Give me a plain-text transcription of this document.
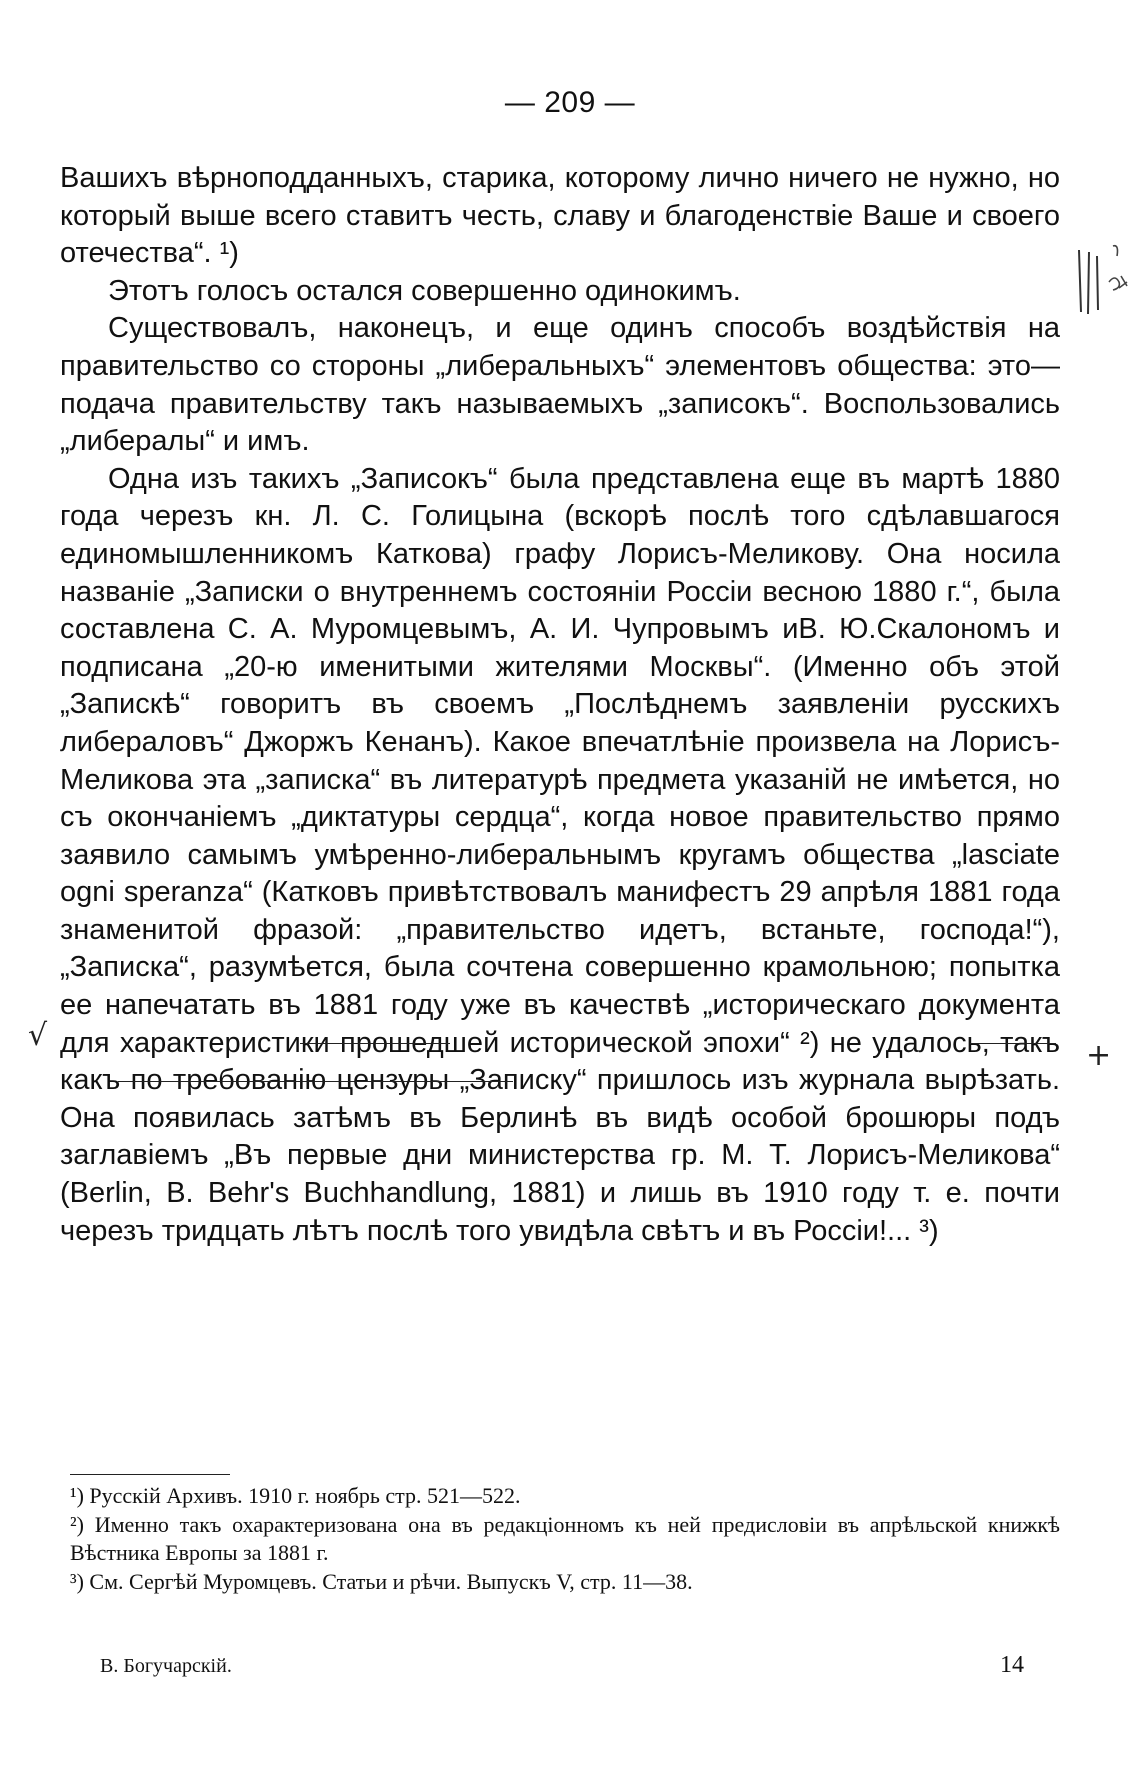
— 209 —

Вашихъ вѣрноподданныхъ, старика, которому лично ничего не нужно, но который выше всего ставитъ честь, славу и благоденствіе Ваше и своего отечества“. ¹)

Этотъ голосъ остался совершенно одинокимъ.

Существовалъ, наконецъ, и еще одинъ способъ воздѣйствія на правительство со стороны „либеральныхъ“ элементовъ общества: это—подача правительству такъ называемыхъ „записокъ“. Воспользовались „либералы“ и имъ.

Одна изъ такихъ „Записокъ“ была представлена еще въ мартѣ 1880 года черезъ кн. Л. С. Голицына (вскорѣ послѣ того сдѣлавшагося единомышленникомъ Каткова) графу Лорисъ-Меликову. Она носила названіе „Записки о внутреннемъ состояніи Россіи весною 1880 г.“, была составлена С. А. Муромцевымъ, А. И. Чупровымъ иВ. Ю.Скалономъ и подписана „20-ю именитыми жителями Москвы“. (Именно объ этой „Запискѣ“ говоритъ въ своемъ „Послѣднемъ заявленіи русскихъ либераловъ“ Джоржъ Кенанъ). Какое впечатлѣніе произвела на Лорисъ-Меликова эта „записка“ въ литературѣ предмета указаній не имѣется, но съ окончаніемъ „диктатуры сердца“, когда новое правительство прямо заявило самымъ умѣренно-либеральнымъ кругамъ общества „lasciate ogni speranza“ (Катковъ привѣтствовалъ манифестъ 29 апрѣля 1881 года знаменитой фразой: „правительство идетъ, встаньте, господа!“), „Записка“, разумѣется, была сочтена совершенно крамольною; попытка ее напечатать въ 1881 году уже въ качествѣ „историческаго документа для характеристики прошедшей исторической эпохи“ ²) не удалось, такъ какъ по требованію цензуры „Записку“ пришлось изъ журнала вырѣзать. Она появилась затѣмъ въ Берлинѣ въ видѣ особой брошюры подъ заглавіемъ „Въ первые дни министерства гр. М. Т. Лорисъ-Меликова“ (Berlin, B. Behr's Buchhandlung, 1881) и лишь въ 1910 году т. е. почти черезъ тридцать лѣтъ послѣ того увидѣла свѣтъ и въ Россіи!... ³)

¹) Русскій Архивъ. 1910 г. ноябрь стр. 521—522.

²) Именно такъ охарактеризована она въ редакціонномъ къ ней предисловіи въ апрѣльской книжкѣ Вѣстника Европы за 1881 г.

³) См. Сергѣй Муромцевъ. Статьи и рѣчи. Выпускъ V, стр. 11—38.

В. Богучарскій.	14
√
+
